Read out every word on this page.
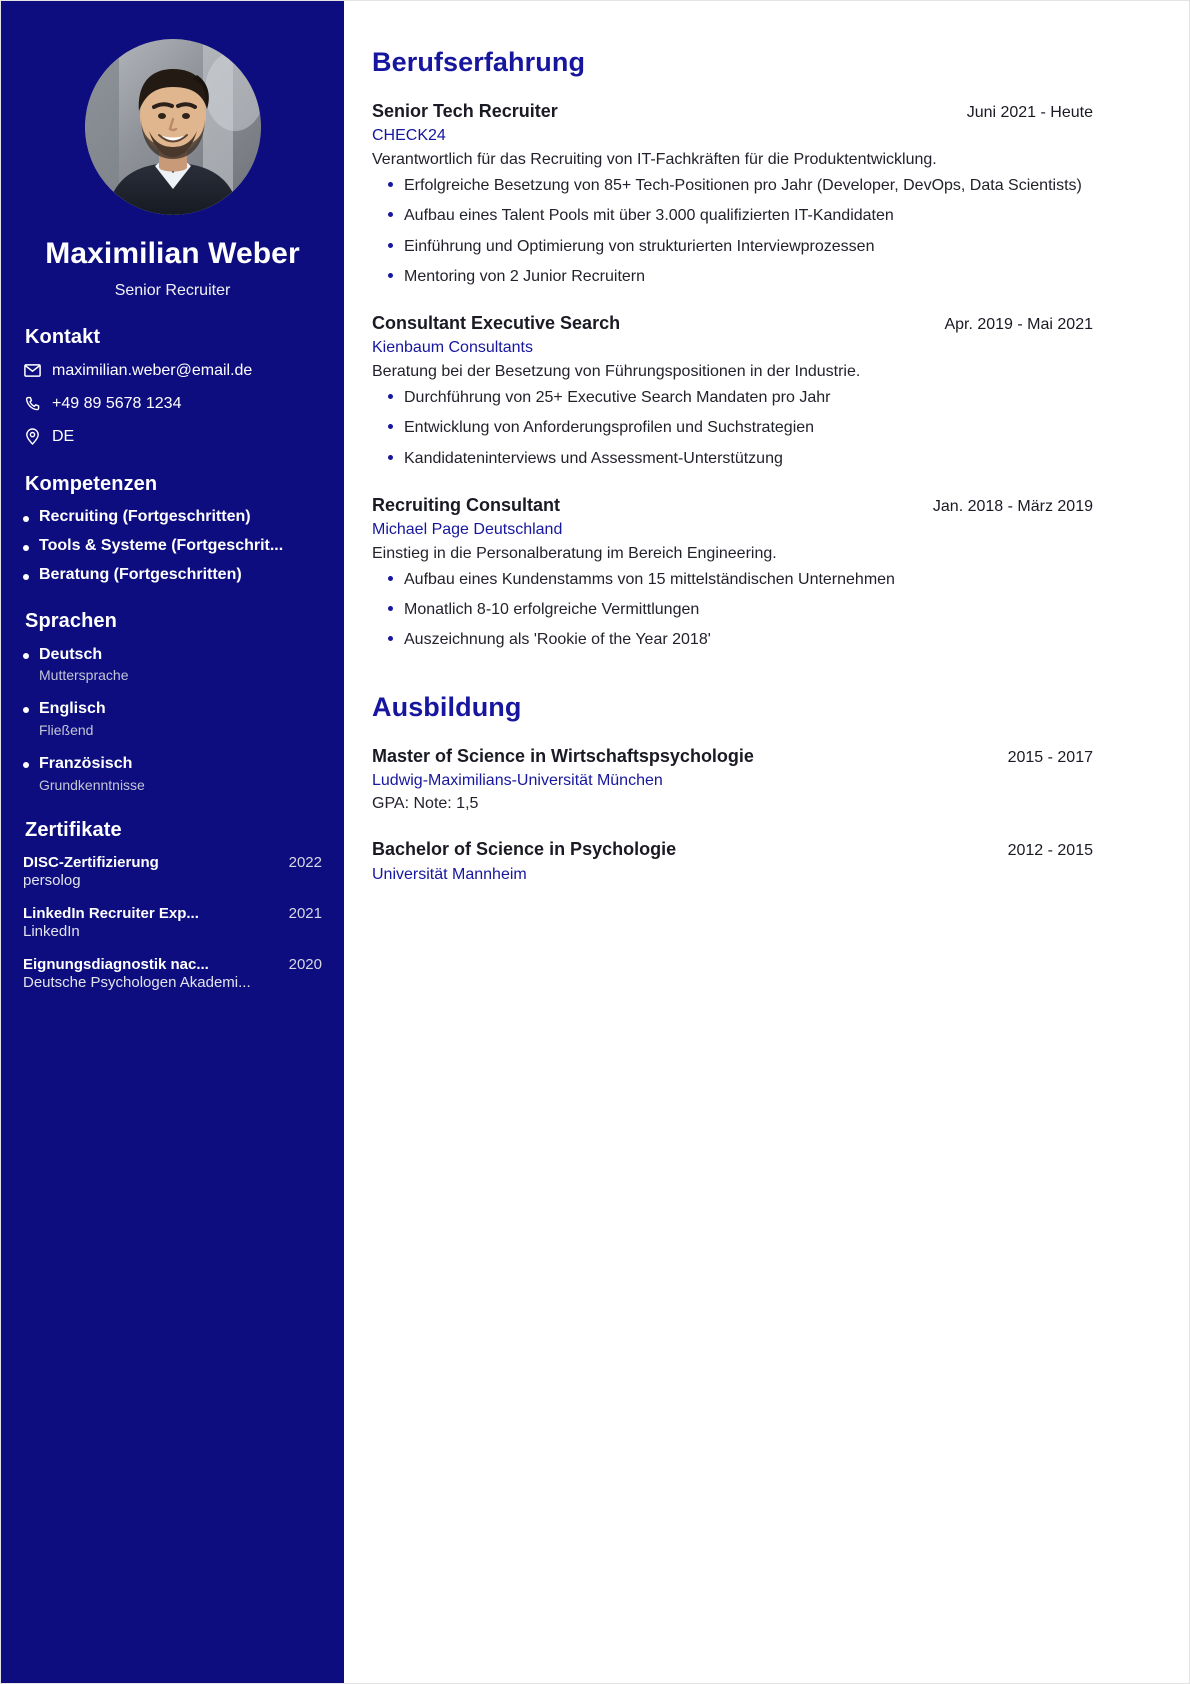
Maximilian Weber
Senior Recruiter
Kontakt
maximilian.weber@email.de
+49 89 5678 1234
DE
Kompetenzen
Recruiting (Fortgeschritten)
Tools & Systeme (Fortgeschrit...
Beratung (Fortgeschritten)
Sprachen
Deutsch
Muttersprache
Englisch
Fließend
Französisch
Grundkenntnisse
Zertifikate
DISC-Zertifizierung	2022
persolog
LinkedIn Recruiter Exp...	2021
LinkedIn
Eignungsdiagnostik nac...	2020
Deutsche Psychologen Akademi...
Berufserfahrung
Senior Tech Recruiter	Juni 2021 - Heute
CHECK24
Verantwortlich für das Recruiting von IT-Fachkräften für die Produktentwicklung.
Erfolgreiche Besetzung von 85+ Tech-Positionen pro Jahr (Developer, DevOps, Data Scientists)
Aufbau eines Talent Pools mit über 3.000 qualifizierten IT-Kandidaten
Einführung und Optimierung von strukturierten Interviewprozessen
Mentoring von 2 Junior Recruitern
Consultant Executive Search	Apr. 2019 - Mai 2021
Kienbaum Consultants
Beratung bei der Besetzung von Führungspositionen in der Industrie.
Durchführung von 25+ Executive Search Mandaten pro Jahr
Entwicklung von Anforderungsprofilen und Suchstrategien
Kandidateninterviews und Assessment-Unterstützung
Recruiting Consultant	Jan. 2018 - März 2019
Michael Page Deutschland
Einstieg in die Personalberatung im Bereich Engineering.
Aufbau eines Kundenstamms von 15 mittelständischen Unternehmen
Monatlich 8-10 erfolgreiche Vermittlungen
Auszeichnung als 'Rookie of the Year 2018'
Ausbildung
Master of Science in Wirtschaftspsychologie	2015 - 2017
Ludwig-Maximilians-Universität München
GPA: Note: 1,5
Bachelor of Science in Psychologie	2012 - 2015
Universität Mannheim
